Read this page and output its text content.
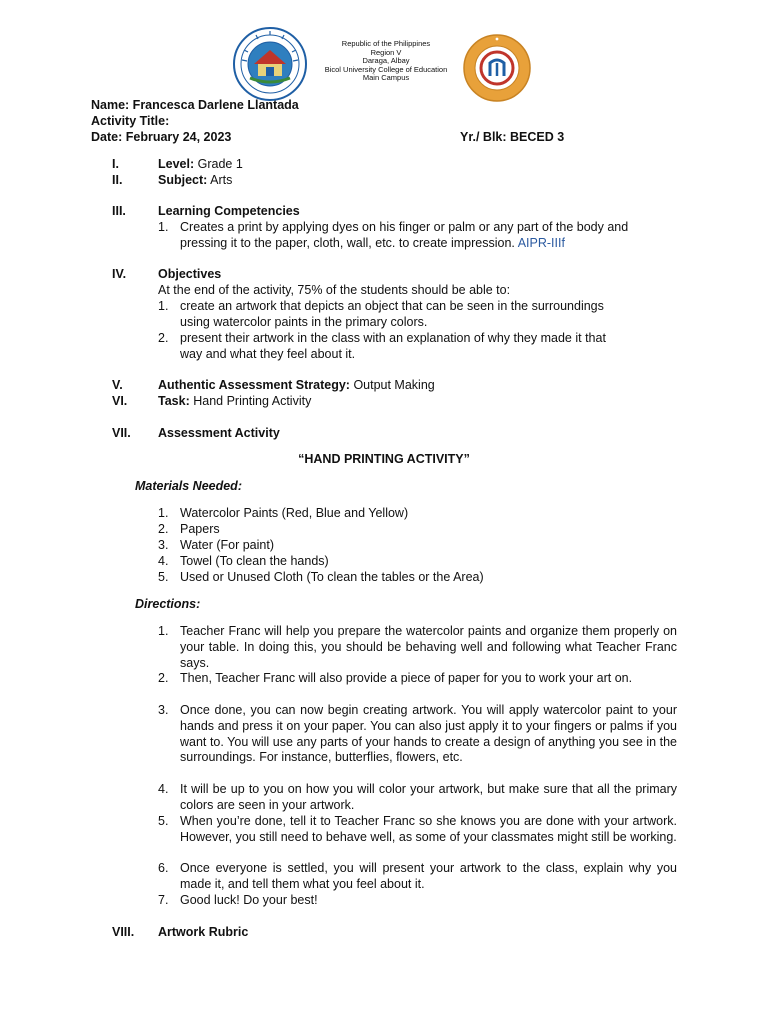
Republic of the Philippines
Region V
Daraga, Albay
Bicol University College of Education
Main Campus
Name: Francesca Darlene Llantada
Activity Title:
Date: February 24, 2023	Yr./ Blk: BECED 3
I.	Level: Grade 1
II.	Subject: Arts
III.	Learning Competencies
1. Creates a print by applying dyes on his finger or palm or any part of the body and
pressing it to the paper, cloth, wall, etc. to create impression. AIPR-IIIf
IV.	Objectives
At the end of the activity, 75% of the students should be able to:
1. create an artwork that depicts an object that can be seen in the surroundings
using watercolor paints in the primary colors.
2. present their artwork in the class with an explanation of why they made it that
way and what they feel about it.
V.	Authentic Assessment Strategy: Output Making
VI. Task: Hand Printing Activity
VII. Assessment Activity
“HAND PRINTING ACTIVITY”
Materials Needed:
1. Watercolor Paints (Red, Blue and Yellow)
2. Papers
3. Water (For paint)
4. Towel (To clean the hands)
5. Used or Unused Cloth (To clean the tables or the Area)
Directions:
1. Teacher Franc will help you prepare the watercolor paints and organize them properly on your table. In doing this, you should be behaving well and following what Teacher Franc says.
2. Then, Teacher Franc will also provide a piece of paper for you to work your art on.
3. Once done, you can now begin creating artwork. You will apply watercolor paint to your hands and press it on your paper. You can also just apply it to your fingers or palms if you want to. You will use any parts of your hands to create a design of anything you see in the surroundings. For instance, butterflies, flowers, etc.
4. It will be up to you on how you will color your artwork, but make sure that all the primary colors are seen in your artwork.
5. When you’re done, tell it to Teacher Franc so she knows you are done with your artwork. However, you still need to behave well, as some of your classmates might still be working.
6. Once everyone is settled, you will present your artwork to the class, explain why you made it, and tell them what you feel about it.
7. Good luck! Do your best!
VIII. Artwork Rubric
